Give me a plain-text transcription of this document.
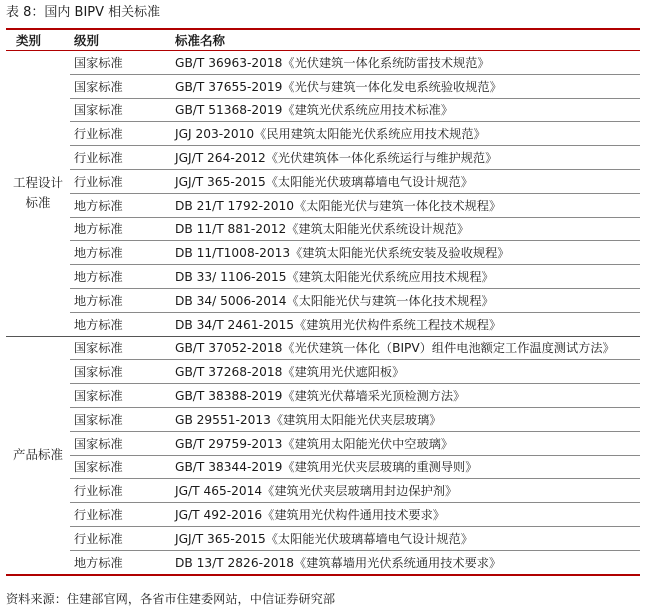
表 8：国内 BIPV 相关标准
类别	级别	标准名称
工程设计标准	国家标准	GB/T 36963-2018《光伏建筑一体化系统防雷技术规范》
	国家标准	GB/T 37655-2019《光伏与建筑一体化发电系统验收规范》
	国家标准	GB/T 51368-2019《建筑光伏系统应用技术标准》
	行业标准	JGJ 203-2010《民用建筑太阳能光伏系统应用技术规范》
	行业标准	JGJ/T 264-2012《光伏建筑体一体化系统运行与维护规范》
	行业标准	JGJ/T 365-2015《太阳能光伏玻璃幕墙电气设计规范》
	地方标准	DB 21/T 1792-2010《太阳能光伏与建筑一体化技术规程》
	地方标准	DB 11/T 881-2012《建筑太阳能光伏系统设计规范》
	地方标准	DB 11/T1008-2013《建筑太阳能光伏系统安装及验收规程》
	地方标准	DB 33/ 1106-2015《建筑太阳能光伏系统应用技术规程》
	地方标准	DB 34/ 5006-2014《太阳能光伏与建筑一体化技术规程》
	地方标准	DB 34/T 2461-2015《建筑用光伏构件系统工程技术规程》
产品标准	国家标准	GB/T 37052-2018《光伏建筑一体化（BIPV）组件电池额定工作温度测试方法》
	国家标准	GB/T 37268-2018《建筑用光伏遮阳板》
	国家标准	GB/T 38388-2019《建筑光伏幕墙采光顶检测方法》
	国家标准	GB 29551-2013《建筑用太阳能光伏夹层玻璃》
	国家标准	GB/T 29759-2013《建筑用太阳能光伏中空玻璃》
	国家标准	GB/T 38344-2019《建筑用光伏夹层玻璃的重测导则》
	行业标准	JG/T 465-2014《建筑光伏夹层玻璃用封边保护剂》
	行业标准	JG/T 492-2016《建筑用光伏构件通用技术要求》
	行业标准	JGJ/T 365-2015《太阳能光伏玻璃幕墙电气设计规范》
	地方标准	DB 13/T 2826-2018《建筑幕墙用光伏系统通用技术要求》
资料来源：住建部官网，各省市住建委网站，中信证券研究部
